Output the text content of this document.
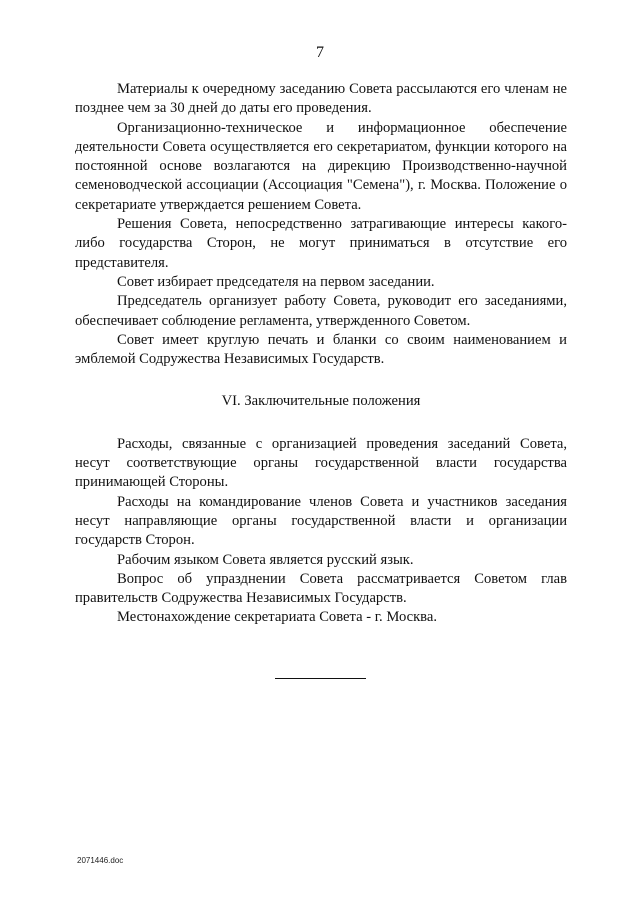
7

Материалы к очередному заседанию Совета рассылаются его членам не позднее чем за 30 дней до даты его проведения.

Организационно-техническое и информационное обеспечение деятельности Совета осуществляется его секретариатом, функции которого на постоянной основе возлагаются на дирекцию Производственно-научной семеноводческой ассоциации (Ассоциация "Семена"), г. Москва. Положение о секретариате утверждается решением Совета.

Решения Совета, непосредственно затрагивающие интересы какого-либо государства Сторон, не могут приниматься в отсутствие его представителя.

Совет избирает председателя на первом заседании.

Председатель организует работу Совета, руководит его заседаниями, обеспечивает соблюдение регламента, утвержденного Советом.

Совет имеет круглую печать и бланки со своим наименованием и эмблемой Содружества Независимых Государств.

VI. Заключительные положения

Расходы, связанные с организацией проведения заседаний Совета, несут соответствующие органы государственной власти государства принимающей Стороны.

Расходы на командирование членов Совета и участников заседания несут направляющие органы государственной власти и организации государств Сторон.

Рабочим языком Совета является русский язык.

Вопрос об упразднении Совета рассматривается Советом глав правительств Содружества Независимых Государств.

Местонахождение секретариата Совета - г. Москва.

2071446.doc
